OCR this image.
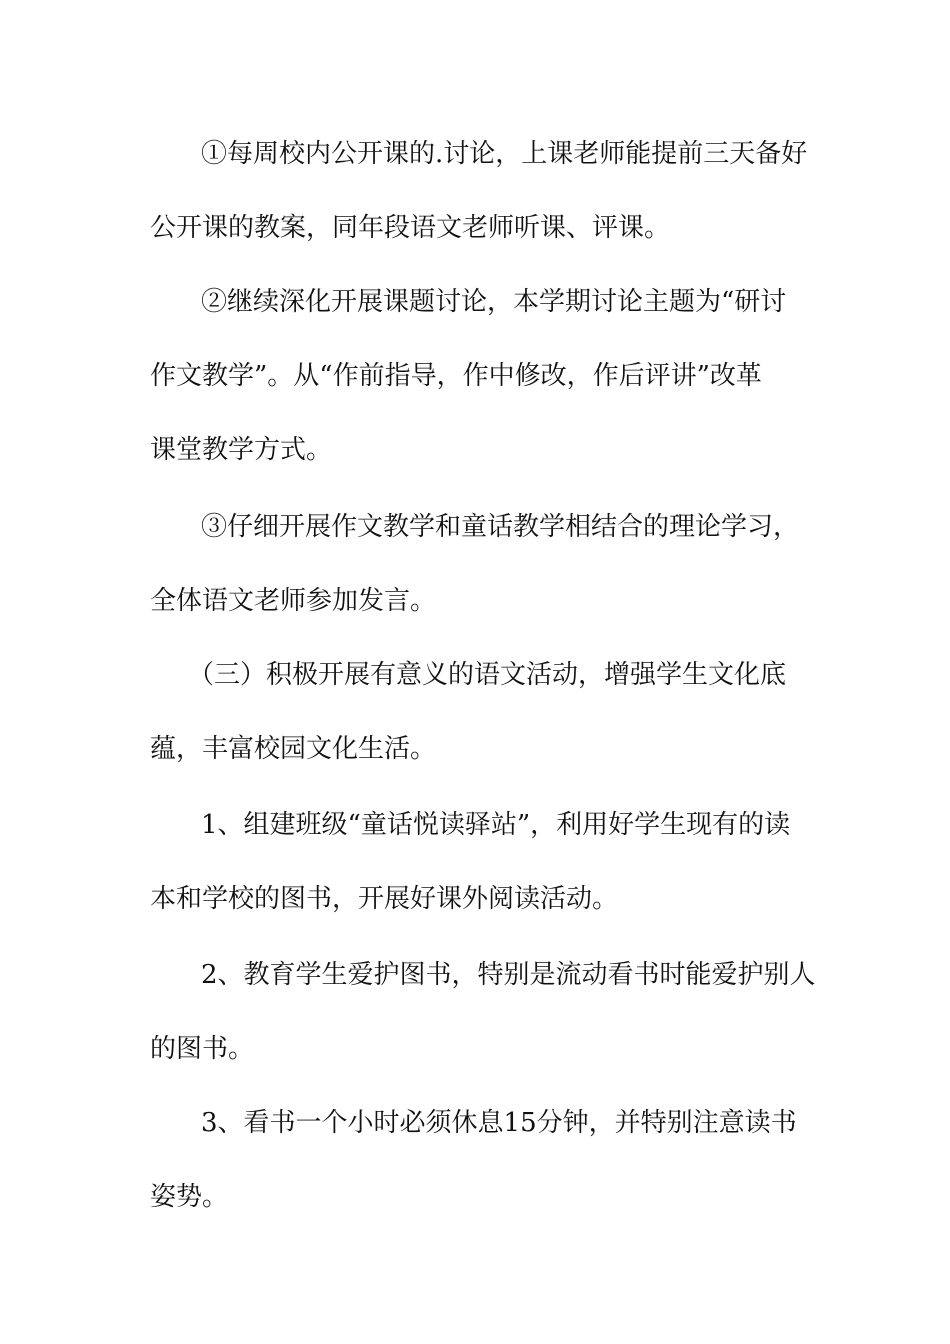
①每周校内公开课的.讨论，上课老师能提前三天备好
公开课的教案，同年段语文老师听课、评课。
②继续深化开展课题讨论，本学期讨论主题为“研讨
作文教学”。从“作前指导，作中修改，作后评讲”改革
课堂教学方式。
③仔细开展作文教学和童话教学相结合的理论学习，
全体语文老师参加发言。
（三）积极开展有意义的语文活动，增强学生文化底
蕴，丰富校园文化生活。
1、组建班级“童话悦读驿站”，利用好学生现有的读
本和学校的图书，开展好课外阅读活动。
2、教育学生爱护图书，特别是流动看书时能爱护别人
的图书。
3、看书一个小时必须休息15分钟，并特别注意读书
姿势。
